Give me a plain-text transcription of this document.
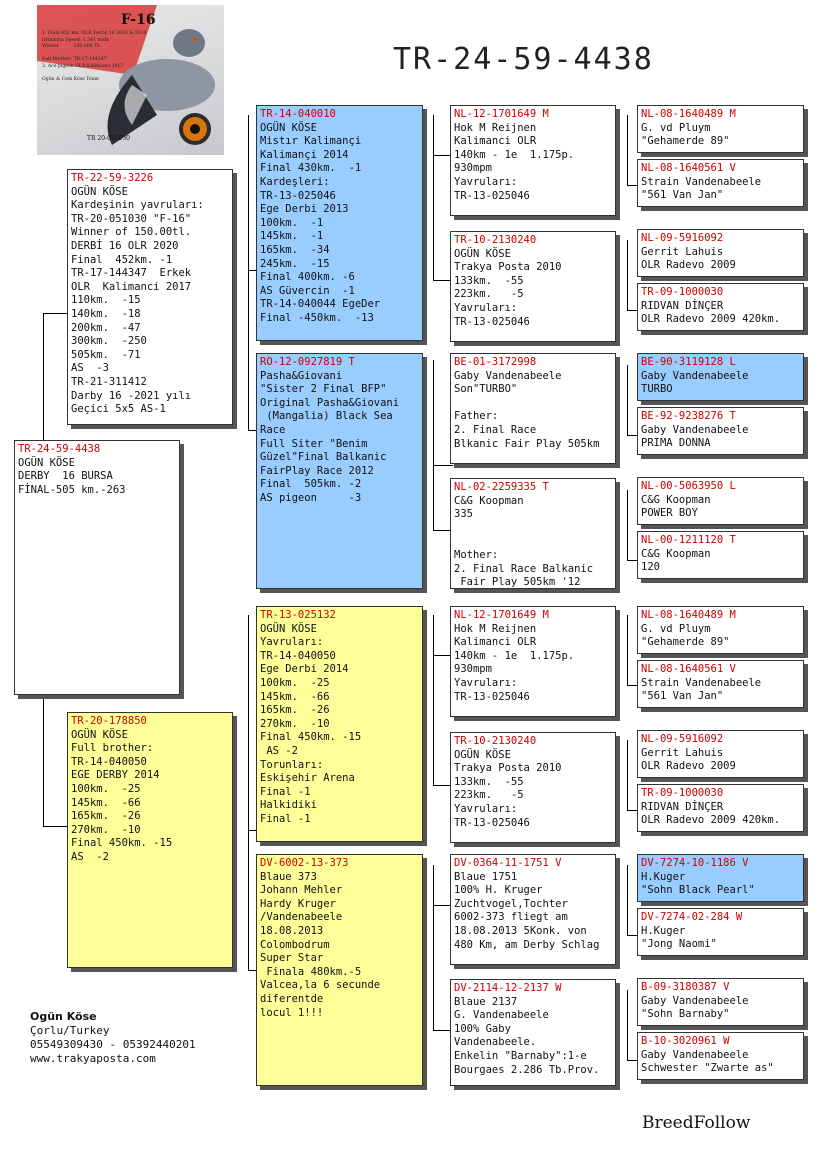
F-16
1. Final 452 km. OLR Derby 16 2020 & 2018
Ortalama Speed: 1.541 m/dk
Winner          150.000 TL

Full Brother: TR-17-144347
3. Ace pigeon OLR Kalimanci 2017

Ogün & Cem Köse Team
TR 20-051030
TR-24-59-4438
TR-24-59-4438
OGÜN KÖSE
DERBY  16 BURSA
FİNAL-505 km.-263
TR-22-59-3226
OGÜN KÖSE
Kardeşinin yavruları:
TR-20-051030 "F-16"
Winner of 150.00tl.
DERBİ 16 OLR 2020
Final  452km. -1
TR-17-144347  Erkek
OLR  Kalimanci 2017
110km.  -15
140km.  -18
200km.  -47
300km.  -250
505km.  -71
AS  -3
TR-21-311412
Darby 16 -2021 yılı
Geçici 5x5 AS-1
TR-20-178850
OGÜN KÖSE
Full brother:
TR-14-040050
EGE DERBY 2014
100km.  -25
145km.  -66
165km.  -26
270km.  -10
Final 450km. -15
AS  -2
TR-14-040010
OGÜN KÖSE
Mistır Kalimançi
Kalimançi 2014
Final 430km.  -1
Kardeşleri:
TR-13-025046
Ege Derbi 2013
100km.  -1
145km.  -1
165km.  -34
245km.  -15
Final 400km. -6
AS Güvercin  -1
TR-14-040044 EgeDer
Final -450km.  -13
RO-12-0927819 T
Pasha&Giovani
"Sister 2 Final BFP"
Original Pasha&Giovani
(Mangalia) Black Sea
Race
Full Siter "Benim
Güzel"Final Balkanic
FairPlay Race 2012
Final  505km. -2
AS pigeon     -3
TR-13-025132
OGÜN KÖSE
Yavruları:
TR-14-040050
Ege Derbi 2014
100km.  -25
145km.  -66
165km.  -26
270km.  -10
Final 450km. -15
AS -2
Torunları:
Eskişehir Arena
Final -1
Halkidiki
Final -1
DV-6002-13-373
Blaue 373
Johann Mehler
Hardy Kruger
/Vandenabeele
18.08.2013
Colombodrum
Super Star
Finala 480km.-5
Valcea,la 6 secunde
diferentde
locul 1!!!
NL-12-1701649 M
Hok M Reijnen
Kalimanci OLR
140km - 1e  1.175p.
930mpm
Yavruları:
TR-13-025046
TR-10-2130240
OGÜN KÖSE
Trakya Posta 2010
133km.  -55
223km.   -5
Yavruları:
TR-13-025046
BE-01-3172998
Gaby Vandenabeele
Son"TURBO"

Father:
2. Final Race
Blkanic Fair Play 505km
NL-02-2259335 T
C&G Koopman
335

Mother:
2. Final Race Balkanic
Fair Play 505km '12
NL-12-1701649 M
Hok M Reijnen
Kalimanci OLR
140km - 1e  1.175p.
930mpm
Yavruları:
TR-13-025046
TR-10-2130240
OGÜN KÖSE
Trakya Posta 2010
133km.  -55
223km.   -5
Yavruları:
TR-13-025046
DV-0364-11-1751 V
Blaue 1751
100% H. Kruger
Zuchtvogel,Tochter
6002-373 fliegt am
18.08.2013 5Konk. von
480 Km, am Derby Schlag
DV-2114-12-2137 W
Blaue 2137
G. Vandenabeele
100% Gaby
Vandenabeele.
Enkelin "Barnaby":1-e
Bourgaes 2.286 Tb.Prov.
NL-08-1640489 M
G. vd Pluym
"Gehamerde 89"
NL-08-1640561 V
Strain Vandenabeele
"561 Van Jan"
NL-09-5916092
Gerrit Lahuis
OLR Radevo 2009
TR-09-1000030
RIDVAN DİNÇER
OLR Radevo 2009 420km.
BE-90-3119128 L
Gaby Vandenabeele
TURBO
BE-92-9238276 T
Gaby Vandenabeele
PRIMA DONNA
NL-00-5063950 L
C&G Koopman
POWER BOY
NL-00-1211120 T
C&G Koopman
120
NL-08-1640489 M
G. vd Pluym
"Gehamerde 89"
NL-08-1640561 V
Strain Vandenabeele
"561 Van Jan"
NL-09-5916092
Gerrit Lahuis
OLR Radevo 2009
TR-09-1000030
RIDVAN DİNÇER
OLR Radevo 2009 420km.
DV-7274-10-1186 V
H.Kuger
"Sohn Black Pearl"
DV-7274-02-284 W
H.Kuger
"Jong Naomi"
B-09-3180387 V
Gaby Vandenabeele
"Sohn Barnaby"
B-10-3020961 W
Gaby Vandenabeele
Schwester "Zwarte as"
Ogün Köse
Çorlu/Turkey
05549309430 - 05392440201
www.trakyaposta.com
BreedFollow
